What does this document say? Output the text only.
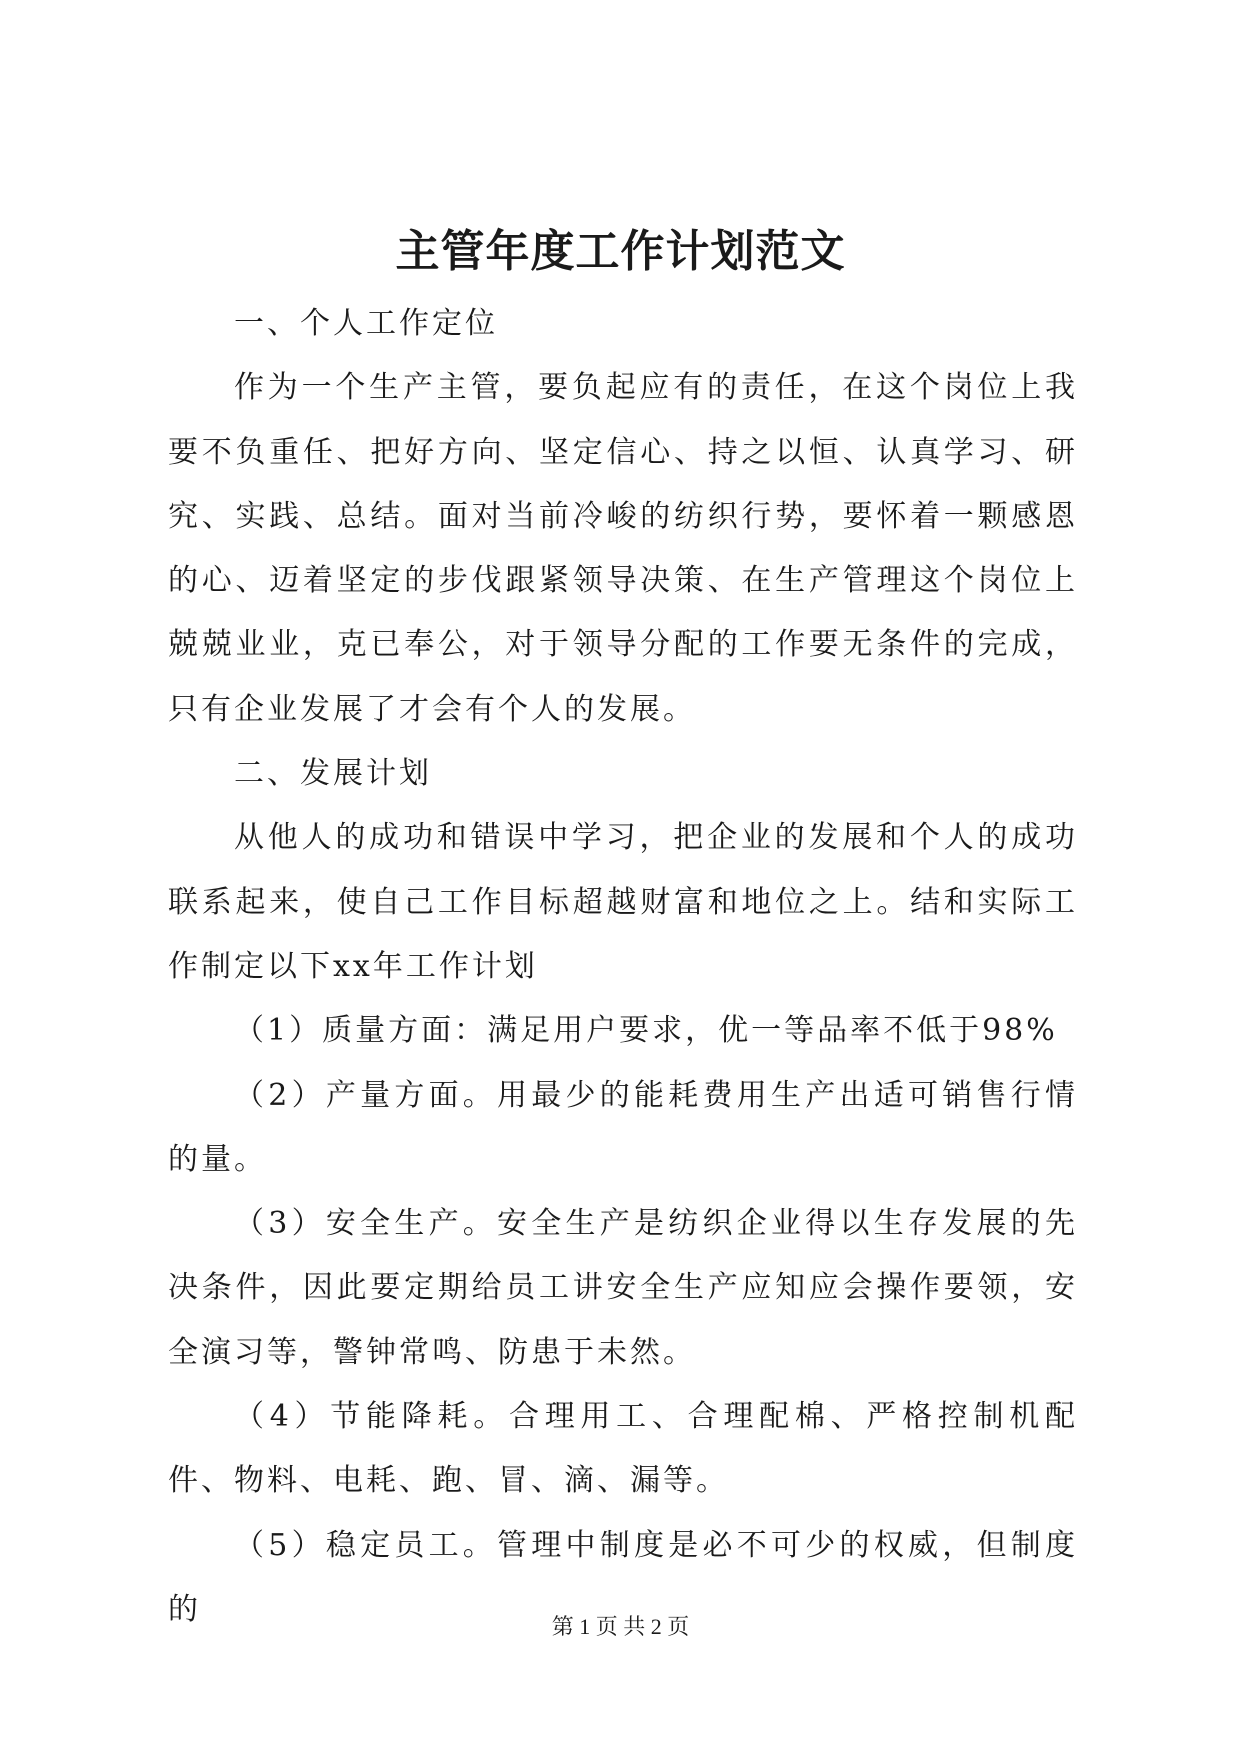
主管年度工作计划范文

一、个人工作定位

作为一个生产主管，要负起应有的责任，在这个岗位上我要不负重任、把好方向、坚定信心、持之以恒、认真学习、研究、实践、总结。面对当前冷峻的纺织行势，要怀着一颗感恩的心、迈着坚定的步伐跟紧领导决策、在生产管理这个岗位上兢兢业业，克已奉公，对于领导分配的工作要无条件的完成，只有企业发展了才会有个人的发展。

二、发展计划

从他人的成功和错误中学习，把企业的发展和个人的成功联系起来，使自己工作目标超越财富和地位之上。结和实际工作制定以下xx年工作计划

（1）质量方面：满足用户要求，优一等品率不低于98%

（2）产量方面。用最少的能耗费用生产出适可销售行情的量。

（3）安全生产。安全生产是纺织企业得以生存发展的先决条件，因此要定期给员工讲安全生产应知应会操作要领，安全演习等，警钟常鸣、防患于未然。

（4）节能降耗。合理用工、合理配棉、严格控制机配件、物料、电耗、跑、冒、滴、漏等。

（5）稳定员工。管理中制度是必不可少的权威，但制度的	第 1 页 共 2 页
